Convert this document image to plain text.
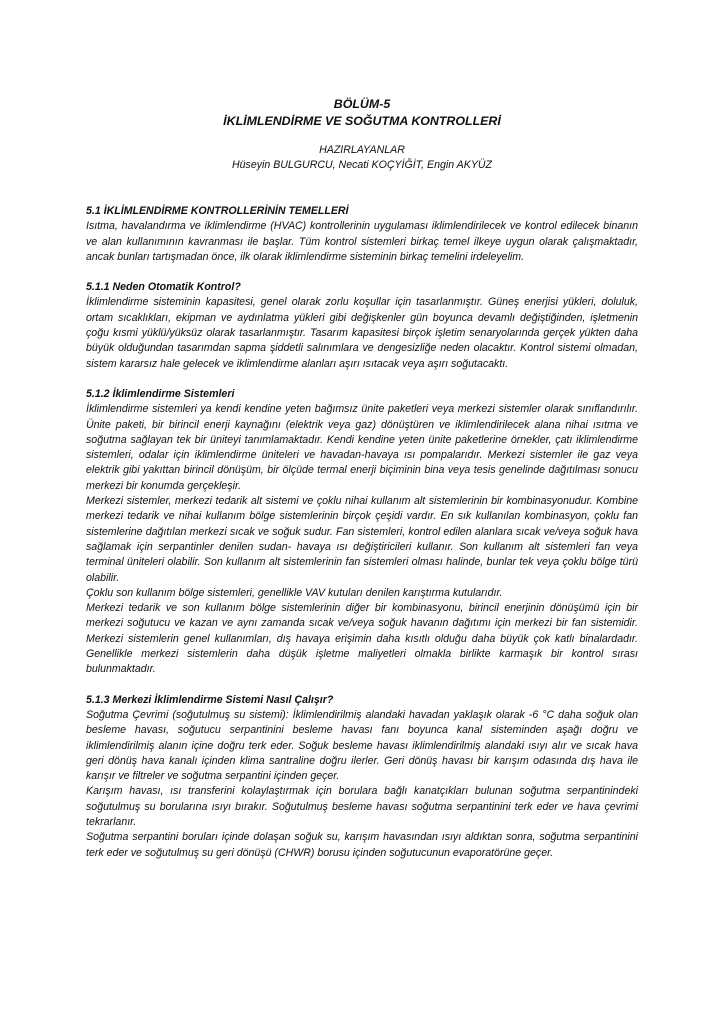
BÖLÜM-5

İKLİMLENDİRME VE SOĞUTMA KONTROLLERİ

HAZIRLAYANLAR

Hüseyin BULGURCU, Necati KOÇYİĞİT, Engin AKYÜZ

5.1 İKLİMLENDİRME KONTROLLERİNİN TEMELLERİ

Isıtma, havalandırma ve iklimlendirme (HVAC) kontrollerinin uygulaması iklimlendirilecek ve kontrol edilecek binanın ve alan kullanımının kavranması ile başlar. Tüm kontrol sistemleri birkaç temel ilkeye uygun olarak çalışmaktadır, ancak bunları tartışmadan önce, ilk olarak iklimlendirme sisteminin birkaç temelini irdeleyelim.

5.1.1 Neden Otomatik Kontrol?

İklimlendirme sisteminin kapasitesi, genel olarak zorlu koşullar için tasarlanmıştır. Güneş enerjisi yükleri, doluluk, ortam sıcaklıkları, ekipman ve aydınlatma yükleri gibi değişkenler gün boyunca devamlı değiştiğinden, işletmenin çoğu kısmi yüklü/yüksüz olarak tasarlanmıştır. Tasarım kapasitesi birçok işletim senaryolarında gerçek yükten daha büyük olduğundan tasarımdan sapma şiddetli salınımlara ve dengesizliğe neden olacaktır. Kontrol sistemi olmadan, sistem kararsız hale gelecek ve iklimlendirme alanları aşırı ısıtacak veya aşırı soğutacaktı.

5.1.2 İklimlendirme Sistemleri

İklimlendirme sistemleri ya kendi kendine yeten bağımsız ünite paketleri veya merkezi sistemler olarak sınıflandırılır. Ünite paketi, bir birincil enerji kaynağını (elektrik veya gaz) dönüştüren ve iklimlendirilecek alana nihai ısıtma ve soğutma sağlayan tek bir üniteyi tanımlamaktadır. Kendi kendine yeten ünite paketlerine örnekler, çatı iklimlendirme sistemleri, odalar için iklimlendirme üniteleri ve havadan-havaya ısı pompalarıdır. Merkezi sistemler ile gaz veya elektrik gibi yakıttan birincil dönüşüm, bir ölçüde termal enerji biçiminin bina veya tesis genelinde dağıtılması sonucu merkezi bir konumda gerçekleşir.

Merkezi sistemler, merkezi tedarik alt sistemi ve çoklu nihai kullanım alt sistemlerinin bir kombinasyonudur. Kombine merkezi tedarik ve nihai kullanım bölge sistemlerinin birçok çeşidi vardır. En sık kullanılan kombinasyon, çoklu fan sistemlerine dağıtılan merkezi sıcak ve soğuk sudur. Fan sistemleri, kontrol edilen alanlara sıcak ve/veya soğuk hava sağlamak için serpantinler denilen sudan- havaya ısı değiştiricileri kullanır. Son kullanım alt sistemleri fan veya terminal üniteleri olabilir. Son kullanım alt sistemlerinin fan sistemleri olması halinde, bunlar tek veya çoklu bölge türü olabilir.

Çoklu son kullanım bölge sistemleri, genellikle VAV kutuları denilen karıştırma kutularıdır.

Merkezi tedarik ve son kullanım bölge sistemlerinin diğer bir kombinasyonu, birincil enerjinin dönüşümü için bir merkezi soğutucu ve kazan ve aynı zamanda sıcak ve/veya soğuk havanın dağıtımı için merkezi bir fan sistemidir. Merkezi sistemlerin genel kullanımları, dış havaya erişimin daha kısıtlı olduğu daha büyük çok katlı binalardadır. Genellikle merkezi sistemlerin daha düşük işletme maliyetleri olmakla birlikte karmaşık bir kontrol sırası bulunmaktadır.

5.1.3 Merkezi İklimlendirme Sistemi Nasıl Çalışır?

Soğutma Çevrimi (soğutulmuş su sistemi): İklimlendirilmiş alandaki havadan yaklaşık olarak -6 °C daha soğuk olan besleme havası, soğutucu serpantinini besleme havası fanı boyunca kanal sisteminden aşağı doğru ve iklimlendirilmiş alanın içine doğru terk eder. Soğuk besleme havası iklimlendirilmiş alandaki ısıyı alır ve sıcak hava geri dönüş hava kanalı içinden klima santraline doğru ilerler. Geri dönüş havası bir karışım odasında dış hava ile karışır ve filtreler ve soğutma serpantini içinden geçer.

Karışım havası, ısı transferini kolaylaştırmak için borulara bağlı kanatçıkları bulunan soğutma serpantinindeki soğutulmuş su borularına ısıyı bırakır. Soğutulmuş besleme havası soğutma serpantinini terk eder ve hava çevrimi tekrarlanır.

Soğutma serpantini boruları içinde dolaşan soğuk su, karışım havasından ısıyı aldıktan sonra, soğutma serpantinini terk eder ve soğutulmuş su geri dönüşü (CHWR) borusu içinden soğutucunun evaporatörüne geçer.
